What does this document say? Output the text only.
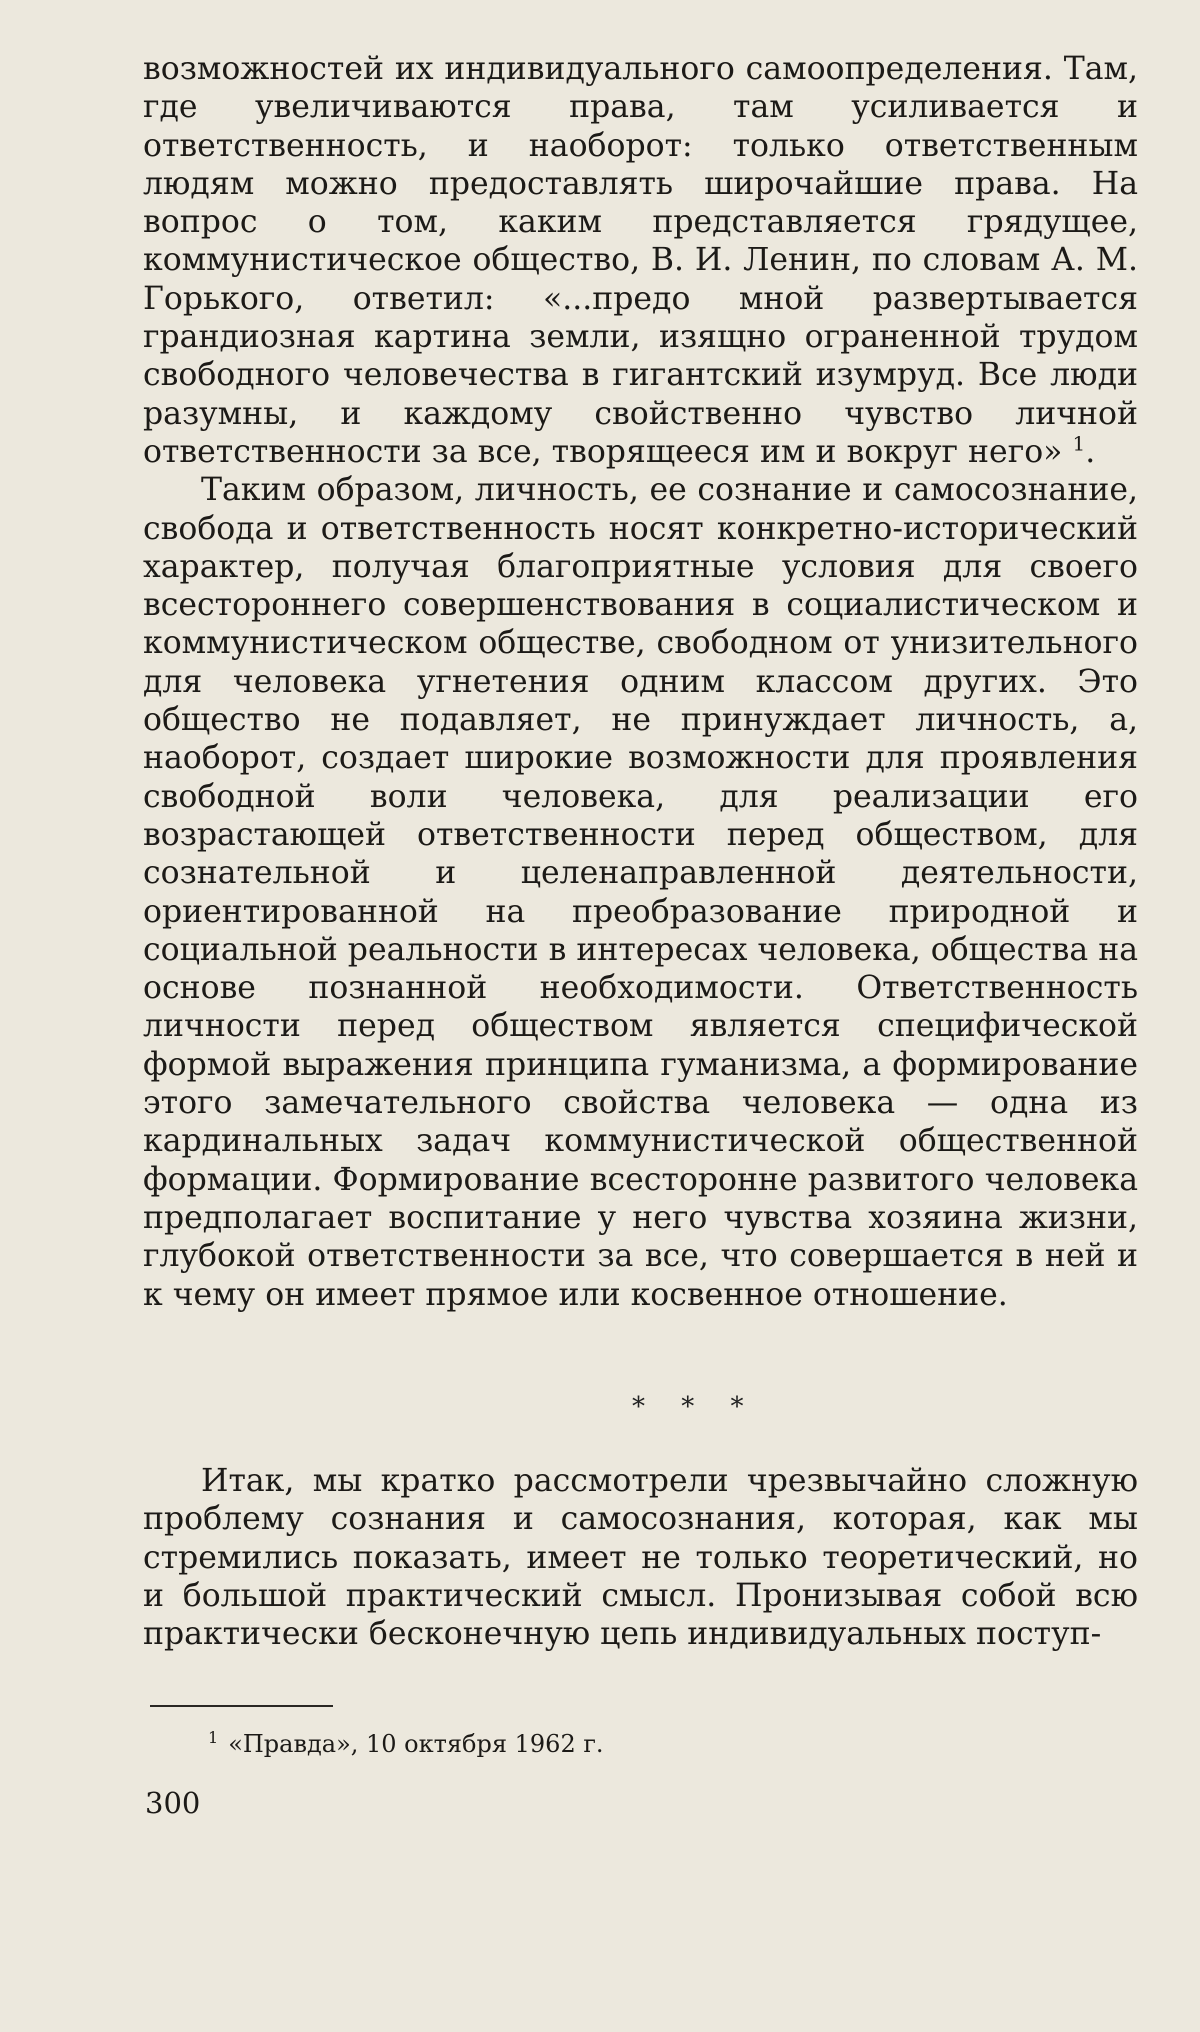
возможностей их индивидуального самоопределения. Там, где увеличиваются права, там усиливается и ответственность, и наоборот: только ответственным людям можно предоставлять широчайшие права. На вопрос о том, каким представляется грядущее, коммунистическое общество, В. И. Ленин, по словам А. М. Горького, ответил: «...предо мной развертывается грандиозная картина земли, изящно ограненной трудом свободного человечества в гигантский изумруд. Все люди разумны, и каждому свойственно чувство личной ответственности за все, творящееся им и вокруг него» $^1$.

Таким образом, личность, ее сознание и самосознание, свобода и ответственность носят конкретно-исторический характер, получая благоприятные условия для своего всестороннего совершенствования в социалистическом и коммунистическом обществе, свободном от унизительного для человека угнетения одним классом других. Это общество не подавляет, не принуждает личность, а, наоборот, создает широкие возможности для проявления свободной воли человека, для реализации его возрастающей ответственности перед обществом, для сознательной и целенаправленной деятельности, ориентированной на преобразование природной и социальной реальности в интересах человека, общества на основе познанной необходимости. Ответственность личности перед обществом является специфической формой выражения принципа гуманизма, а формирование этого замечательного свойства человека — одна из кардинальных задач коммунистической общественной формации. Формирование всесторонне развитого человека предполагает воспитание у него чувства хозяина жизни, глубокой ответственности за все, что совершается в ней и к чему он имеет прямое или косвенное отношение.

* * *

Итак, мы кратко рассмотрели чрезвычайно сложную проблему сознания и самосознания, которая, как мы стремились показать, имеет не только теоретический, но и большой практический смысл. Пронизывая собой всю практически бесконечную цепь индивидуальных поступ-

$^1$ «Правда», 10 октября 1962 г.
300
